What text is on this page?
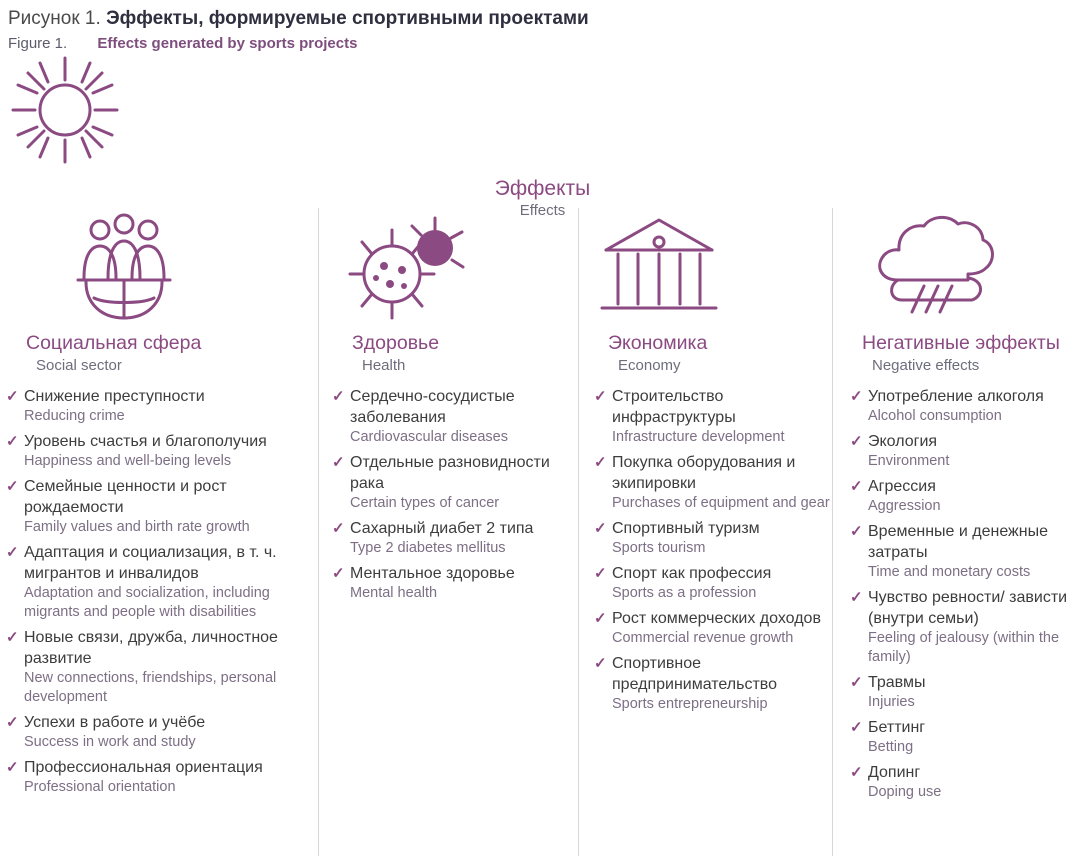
Рисунок 1. Эффекты, формируемые спортивными проектами
Figure 1. Effects generated by sports projects
Эффекты
Effects
Социальная сфера
Social sector
✓ Снижение преступности
Reducing crime
✓ Уровень счастья и благополучия
Happiness and well-being levels
✓ Семейные ценности и рост рождаемости
Family values and birth rate growth
✓ Адаптация и социализация, в т. ч. мигрантов и инвалидов
Adaptation and socialization, including migrants and people with disabilities
✓ Новые связи, дружба, личностное развитие
New connections, friendships, personal development
✓ Успехи в работе и учёбе
Success in work and study
✓ Профессиональная ориентация
Professional orientation
Здоровье
Health
✓ Сердечно-сосудистые заболевания
Cardiovascular diseases
✓ Отдельные разновидности рака
Certain types of cancer
✓ Сахарный диабет 2 типа
Type 2 diabetes mellitus
✓ Ментальное здоровье
Mental health
Экономика
Economy
✓ Строительство инфраструктуры
Infrastructure development
✓ Покупка оборудования и экипировки
Purchases of equipment and gear
✓ Спортивный туризм
Sports tourism
✓ Спорт как профессия
Sports as a profession
✓ Рост коммерческих доходов
Commercial revenue growth
✓ Спортивное предпринимательство
Sports entrepreneurship
Негативные эффекты
Negative effects
✓ Употребление алкоголя
Alcohol consumption
✓ Экология
Environment
✓ Агрессия
Aggression
✓ Временные и денежные затраты
Time and monetary costs
✓ Чувство ревности/ зависти (внутри семьи)
Feeling of jealousy (within the family)
✓ Травмы
Injuries
✓ Беттинг
Betting
✓ Допинг
Doping use
